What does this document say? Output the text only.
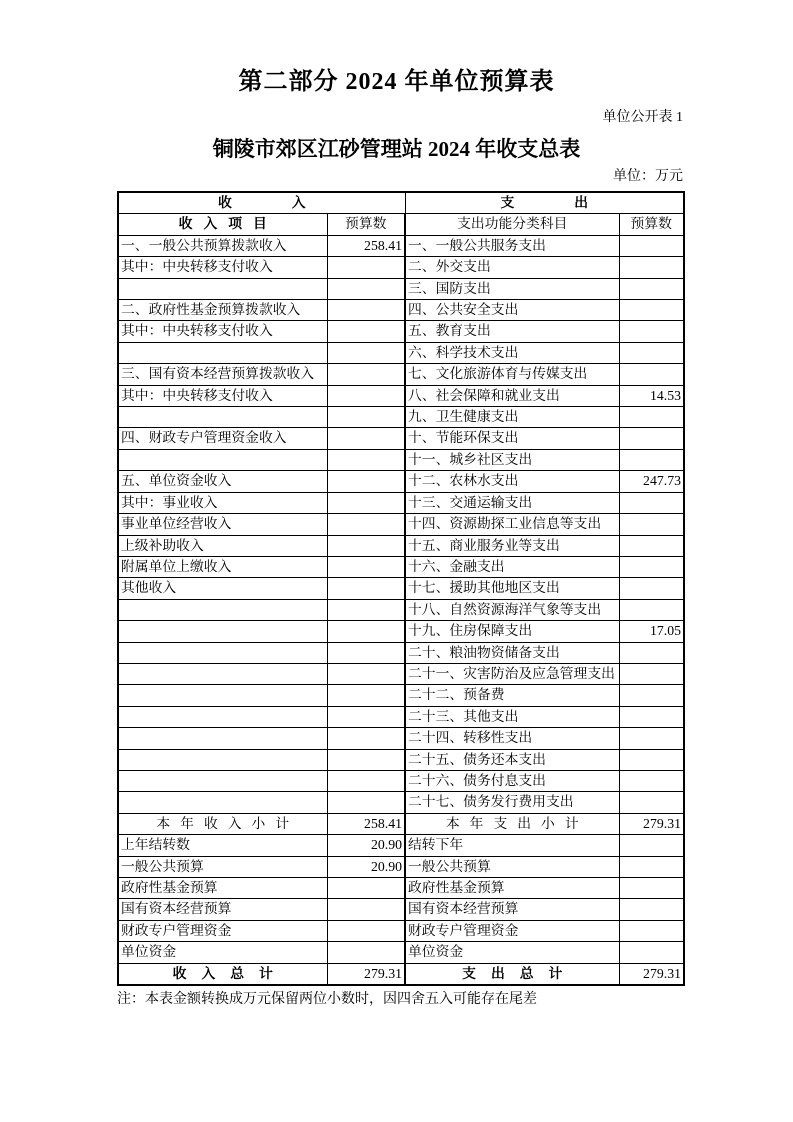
第二部分 2024 年单位预算表
单位公开表 1
铜陵市郊区江砂管理站 2024 年收支总表
单位：万元
收入		支出	
收入项目	预算数	支出功能分类科目	预算数
一、一般公共预算拨款收入	258.41	一、一般公共服务支出	
其中：中央转移支付收入		二、外交支出	
		三、国防支出	
二、政府性基金预算拨款收入		四、公共安全支出	
其中：中央转移支付收入		五、教育支出	
		六、科学技术支出	
三、国有资本经营预算拨款收入		七、文化旅游体育与传媒支出	
其中：中央转移支付收入		八、社会保障和就业支出	14.53
		九、卫生健康支出	
四、财政专户管理资金收入		十、节能环保支出	
		十一、城乡社区支出	
五、单位资金收入		十二、农林水支出	247.73
其中：事业收入		十三、交通运输支出	
事业单位经营收入		十四、资源勘探工业信息等支出	
上级补助收入		十五、商业服务业等支出	
附属单位上缴收入		十六、金融支出	
其他收入		十七、援助其他地区支出	
		十八、自然资源海洋气象等支出	
		十九、住房保障支出	17.05
		二十、粮油物资储备支出	
		二十一、灾害防治及应急管理支出	
		二十二、预备费	
		二十三、其他支出	
		二十四、转移性支出	
		二十五、债务还本支出	
		二十六、债务付息支出	
		二十七、债务发行费用支出	
本年收入小计	258.41	本年支出小计	279.31
上年结转数	20.90	结转下年	
一般公共预算	20.90	一般公共预算	
政府性基金预算		政府性基金预算	
国有资本经营预算		国有资本经营预算	
财政专户管理资金		财政专户管理资金	
单位资金		单位资金	
收入总计	279.31	支出总计	279.31
注：本表金额转换成万元保留两位小数时，因四舍五入可能存在尾差
